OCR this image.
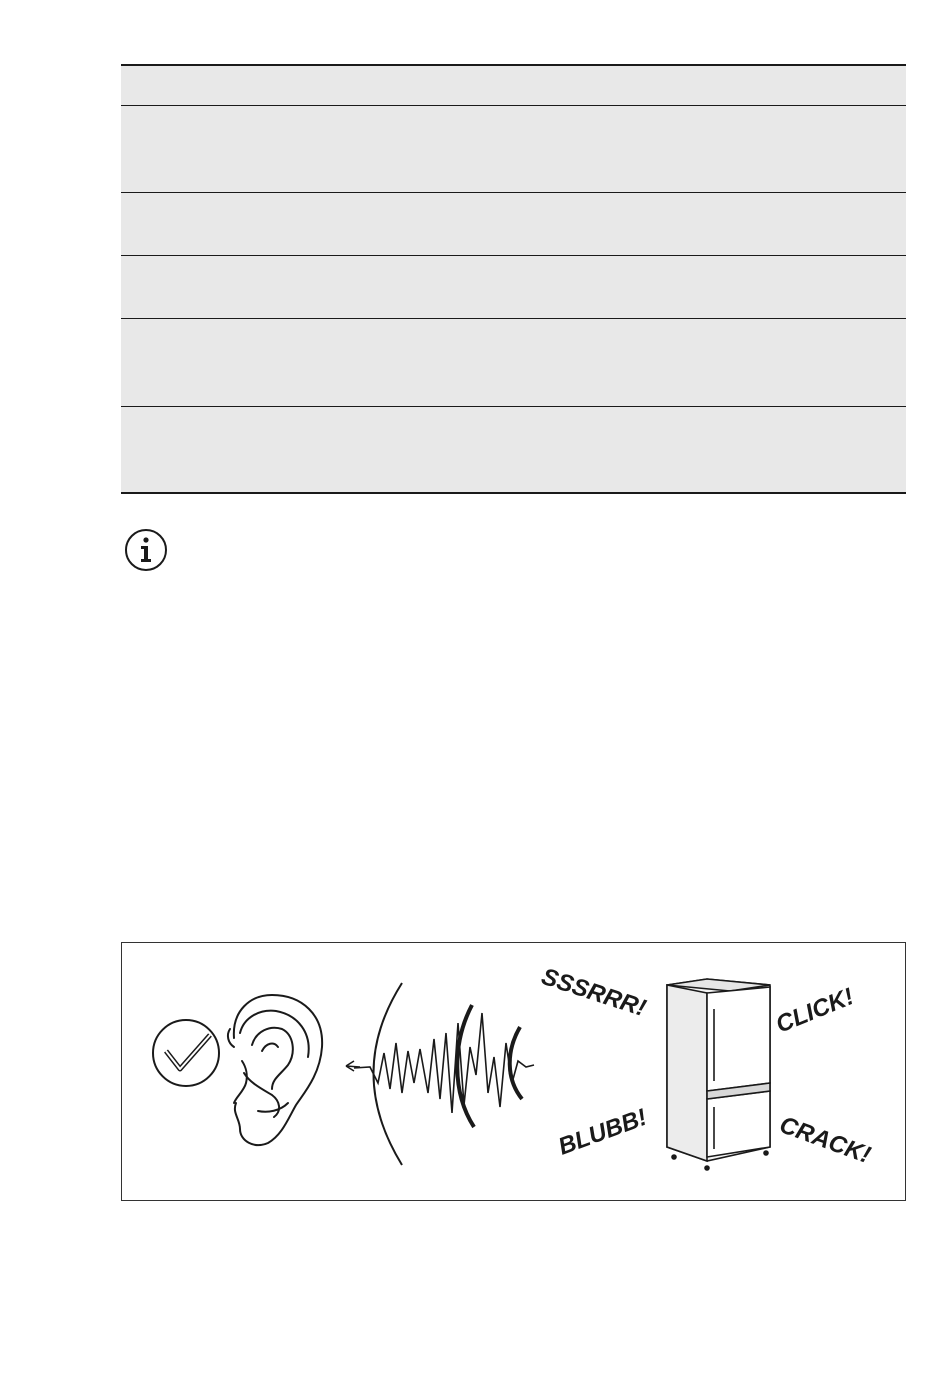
SSSRRR!	CLICK!
BLUBB!	CRACK!
